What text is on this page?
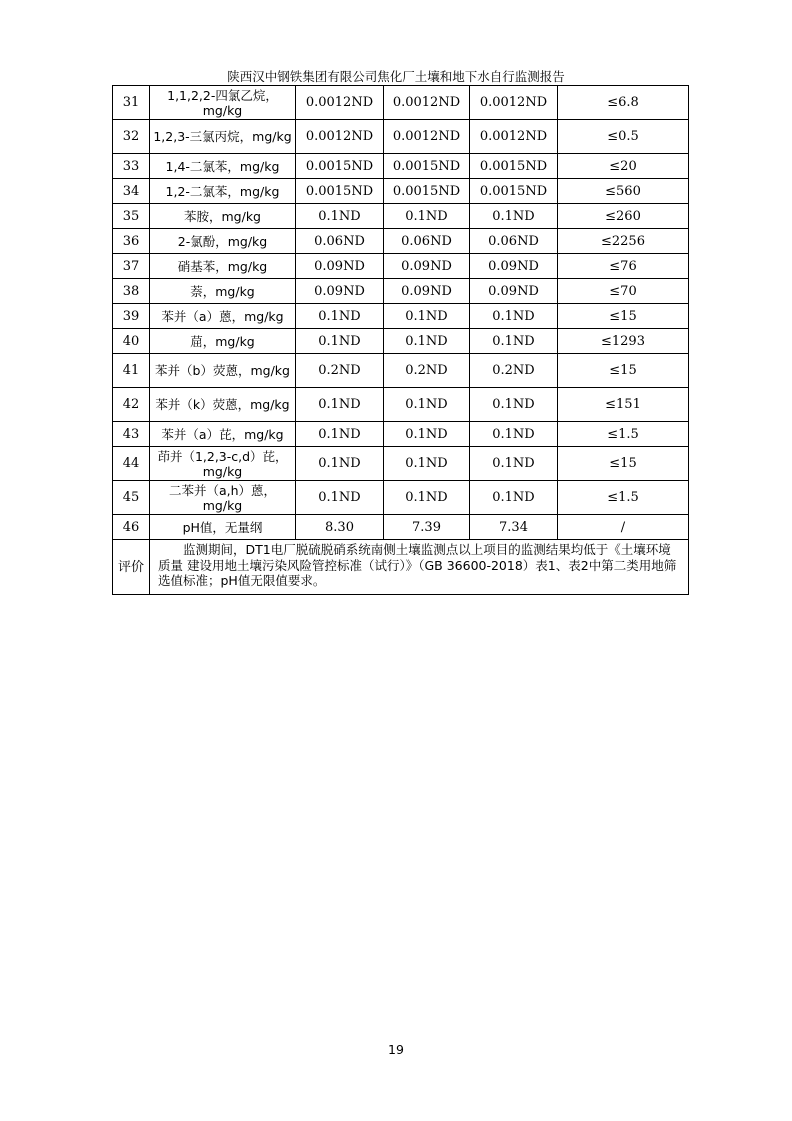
陕西汉中钢铁集团有限公司焦化厂土壤和地下水自行监测报告
31	1,1,2,2-四氯乙烷，mg/kg	0.0012ND	0.0012ND	0.0012ND	≤6.8
32	1,2,3-三氯丙烷，mg/kg	0.0012ND	0.0012ND	0.0012ND	≤0.5
33	1,4-二氯苯，mg/kg	0.0015ND	0.0015ND	0.0015ND	≤20
34	1,2-二氯苯，mg/kg	0.0015ND	0.0015ND	0.0015ND	≤560
35	苯胺，mg/kg	0.1ND	0.1ND	0.1ND	≤260
36	2-氯酚，mg/kg	0.06ND	0.06ND	0.06ND	≤2256
37	硝基苯，mg/kg	0.09ND	0.09ND	0.09ND	≤76
38	萘，mg/kg	0.09ND	0.09ND	0.09ND	≤70
39	苯并（a）蒽，mg/kg	0.1ND	0.1ND	0.1ND	≤15
40	䓛，mg/kg	0.1ND	0.1ND	0.1ND	≤1293
41	苯并（b）荧蒽，mg/kg	0.2ND	0.2ND	0.2ND	≤15
42	苯并（k）荧蒽，mg/kg	0.1ND	0.1ND	0.1ND	≤151
43	苯并（a）芘，mg/kg	0.1ND	0.1ND	0.1ND	≤1.5
44	茚并（1,2,3-c,d）芘，mg/kg	0.1ND	0.1ND	0.1ND	≤15
45	二苯并（a,h）蒽，mg/kg	0.1ND	0.1ND	0.1ND	≤1.5
46	pH值，无量纲	8.30	7.39	7.34	/
评价	监测期间，DT1电厂脱硫脱硝系统南侧土壤监测点以上项目的监测结果均低于《土壤环境质量 建设用地土壤污染风险管控标准（试行）》（GB 36600-2018）表1、表2中第二类用地筛选值标准；pH值无限值要求。				
19
